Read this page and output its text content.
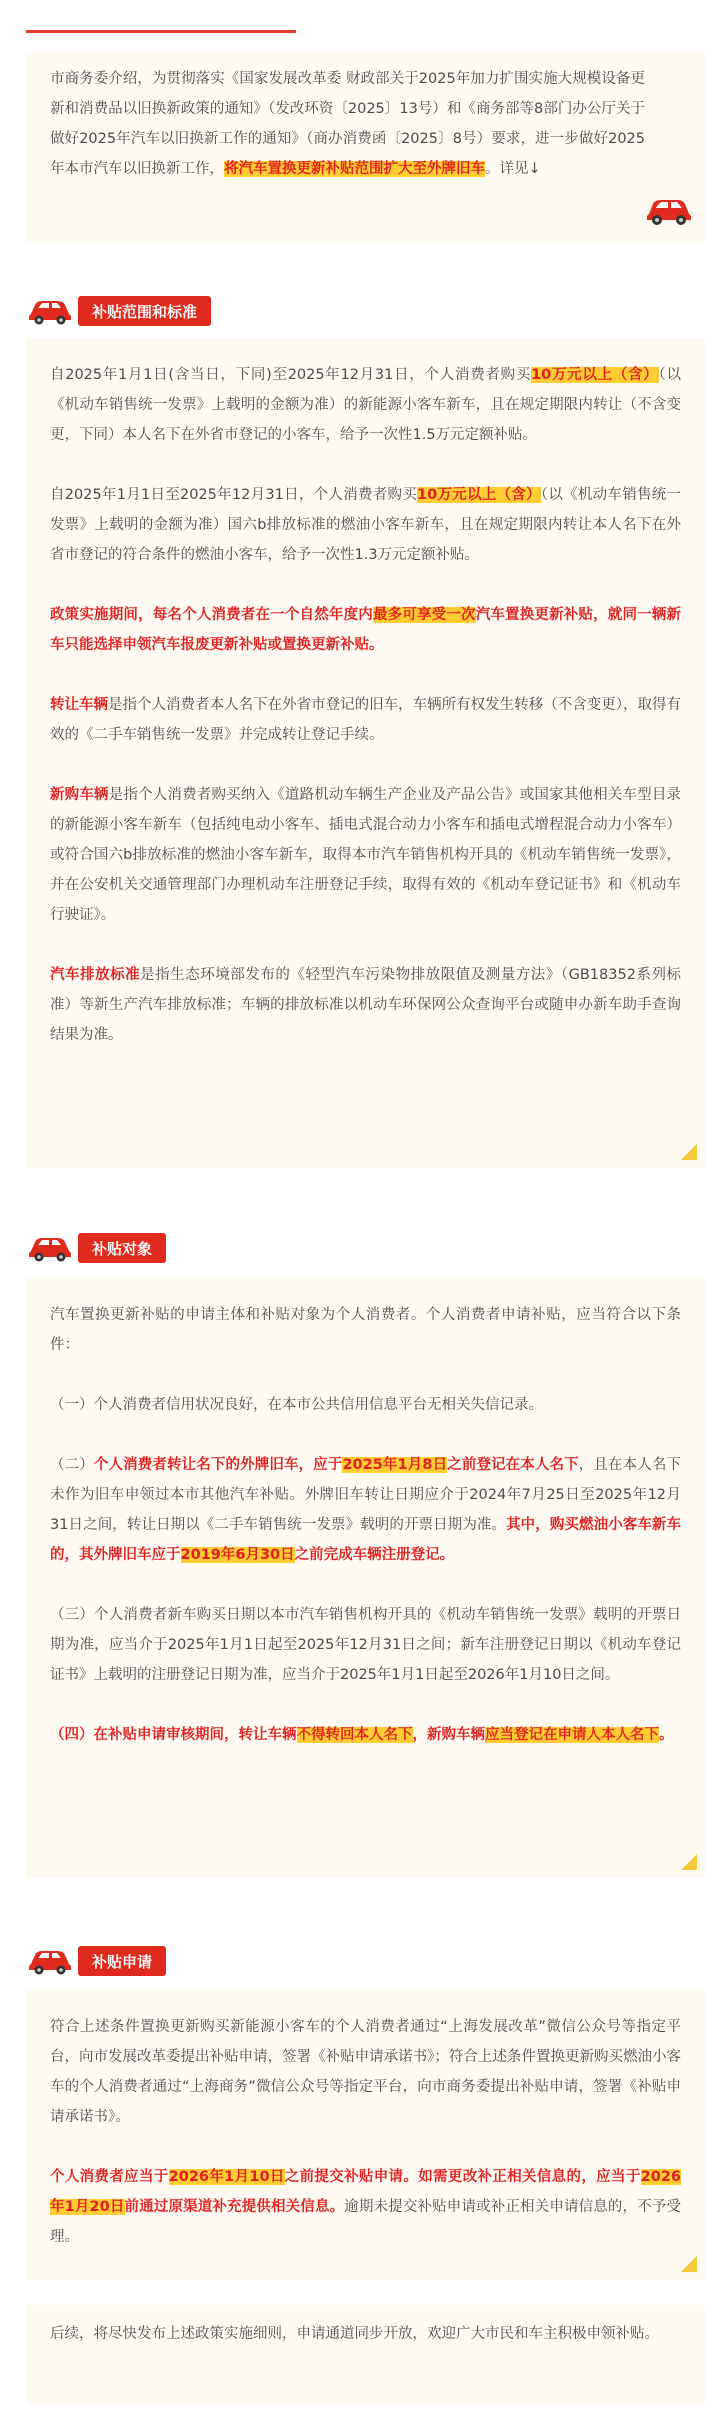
市商务委介绍，为贯彻落实《国家发展改革委 财政部关于2025年加力扩围实施大规模设备更新和消费品以旧换新政策的通知》（发改环资〔2025〕13号）和《商务部等8部门办公厅关于做好2025年汽车以旧换新工作的通知》（商办消费函〔2025〕8号）要求，进一步做好2025年本市汽车以旧换新工作，将汽车置换更新补贴范围扩大至外牌旧车。详见↓

补贴范围和标准

自2025年1月1日(含当日，下同)至2025年12月31日，个人消费者购买10万元以上（含）（以《机动车销售统一发票》上载明的金额为准）的新能源小客车新车，且在规定期限内转让（不含变更，下同）本人名下在外省市登记的小客车，给予一次性1.5万元定额补贴。

自2025年1月1日至2025年12月31日，个人消费者购买10万元以上（含）（以《机动车销售统一发票》上载明的金额为准）国六b排放标准的燃油小客车新车，且在规定期限内转让本人名下在外省市登记的符合条件的燃油小客车，给予一次性1.3万元定额补贴。

政策实施期间，每名个人消费者在一个自然年度内最多可享受一次汽车置换更新补贴，就同一辆新车只能选择申领汽车报废更新补贴或置换更新补贴。

转让车辆是指个人消费者本人名下在外省市登记的旧车，车辆所有权发生转移（不含变更），取得有效的《二手车销售统一发票》并完成转让登记手续。

新购车辆是指个人消费者购买纳入《道路机动车辆生产企业及产品公告》或国家其他相关车型目录的新能源小客车新车（包括纯电动小客车、插电式混合动力小客车和插电式增程混合动力小客车）或符合国六b排放标准的燃油小客车新车，取得本市汽车销售机构开具的《机动车销售统一发票》，并在公安机关交通管理部门办理机动车注册登记手续，取得有效的《机动车登记证书》和《机动车行驶证》。

汽车排放标准是指生态环境部发布的《轻型汽车污染物排放限值及测量方法》（GB18352系列标准）等新生产汽车排放标准；车辆的排放标准以机动车环保网公众查询平台或随申办新车助手查询结果为准。

补贴对象

汽车置换更新补贴的申请主体和补贴对象为个人消费者。个人消费者申请补贴，应当符合以下条件：

（一）个人消费者信用状况良好，在本市公共信用信息平台无相关失信记录。

（二）个人消费者转让名下的外牌旧车，应于2025年1月8日之前登记在本人名下，且在本人名下未作为旧车申领过本市其他汽车补贴。外牌旧车转让日期应介于2024年7月25日至2025年12月31日之间，转让日期以《二手车销售统一发票》载明的开票日期为准。其中，购买燃油小客车新车的，其外牌旧车应于2019年6月30日之前完成车辆注册登记。

（三）个人消费者新车购买日期以本市汽车销售机构开具的《机动车销售统一发票》载明的开票日期为准，应当介于2025年1月1日起至2025年12月31日之间；新车注册登记日期以《机动车登记证书》上载明的注册登记日期为准，应当介于2025年1月1日起至2026年1月10日之间。

（四）在补贴申请审核期间，转让车辆不得转回本人名下，新购车辆应当登记在申请人本人名下。

补贴申请

符合上述条件置换更新购买新能源小客车的个人消费者通过“上海发展改革”微信公众号等指定平台，向市发展改革委提出补贴申请，签署《补贴申请承诺书》；符合上述条件置换更新购买燃油小客车的个人消费者通过“上海商务”微信公众号等指定平台，向市商务委提出补贴申请，签署《补贴申请承诺书》。

个人消费者应当于2026年1月10日之前提交补贴申请。如需更改补正相关信息的，应当于2026年1月20日前通过原渠道补充提供相关信息。逾期未提交补贴申请或补正相关申请信息的，不予受理。

后续，将尽快发布上述政策实施细则，申请通道同步开放，欢迎广大市民和车主积极申领补贴。
